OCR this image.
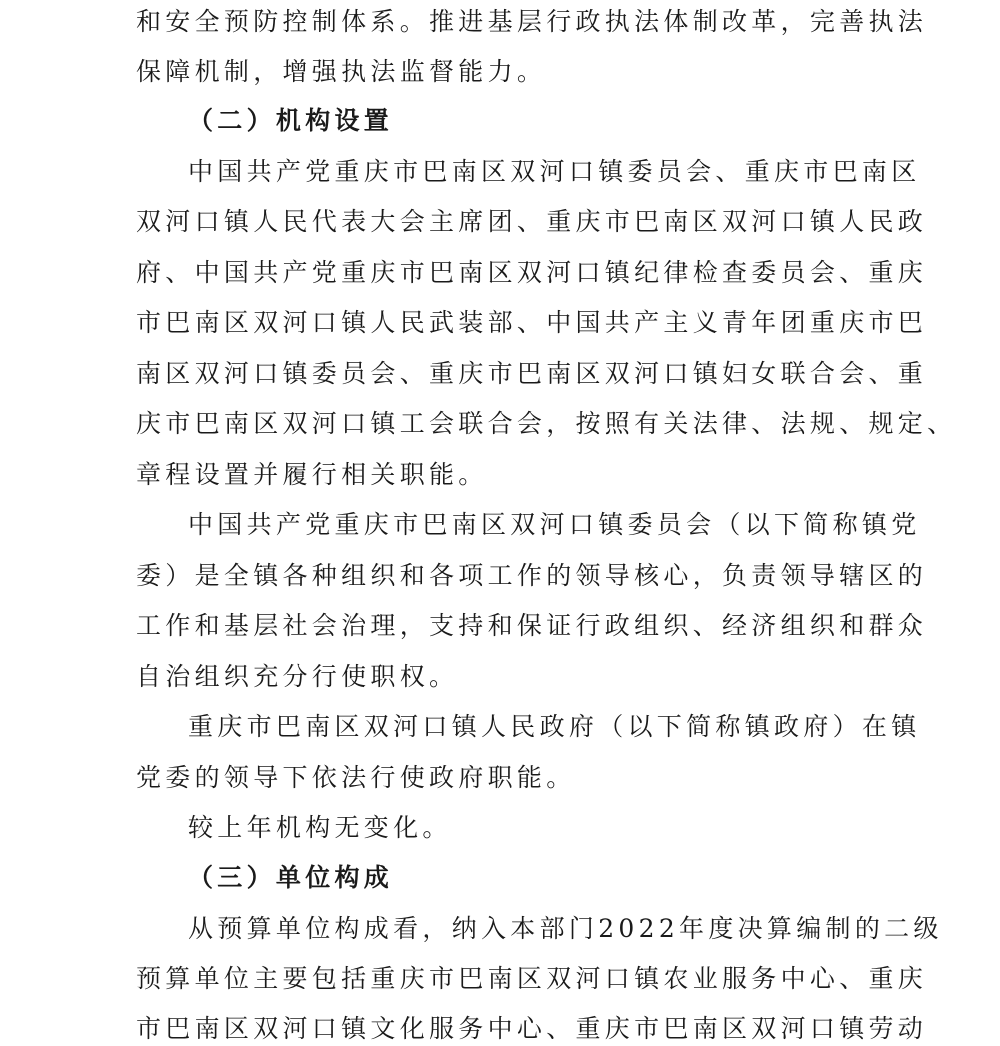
和安全预防控制体系。推进基层行政执法体制改革，完善执法
保障机制，增强执法监督能力。
（二）机构设置
中国共产党重庆市巴南区双河口镇委员会、重庆市巴南区
双河口镇人民代表大会主席团、重庆市巴南区双河口镇人民政
府、中国共产党重庆市巴南区双河口镇纪律检查委员会、重庆
市巴南区双河口镇人民武装部、中国共产主义青年团重庆市巴
南区双河口镇委员会、重庆市巴南区双河口镇妇女联合会、重
庆市巴南区双河口镇工会联合会，按照有关法律、法规、规定、
章程设置并履行相关职能。
中国共产党重庆市巴南区双河口镇委员会（以下简称镇党
委）是全镇各种组织和各项工作的领导核心，负责领导辖区的
工作和基层社会治理，支持和保证行政组织、经济组织和群众
自治组织充分行使职权。
重庆市巴南区双河口镇人民政府（以下简称镇政府）在镇
党委的领导下依法行使政府职能。
较上年机构无变化。
（三）单位构成
从预算单位构成看，纳入本部门2022年度决算编制的二级
预算单位主要包括重庆市巴南区双河口镇农业服务中心、重庆
市巴南区双河口镇文化服务中心、重庆市巴南区双河口镇劳动
